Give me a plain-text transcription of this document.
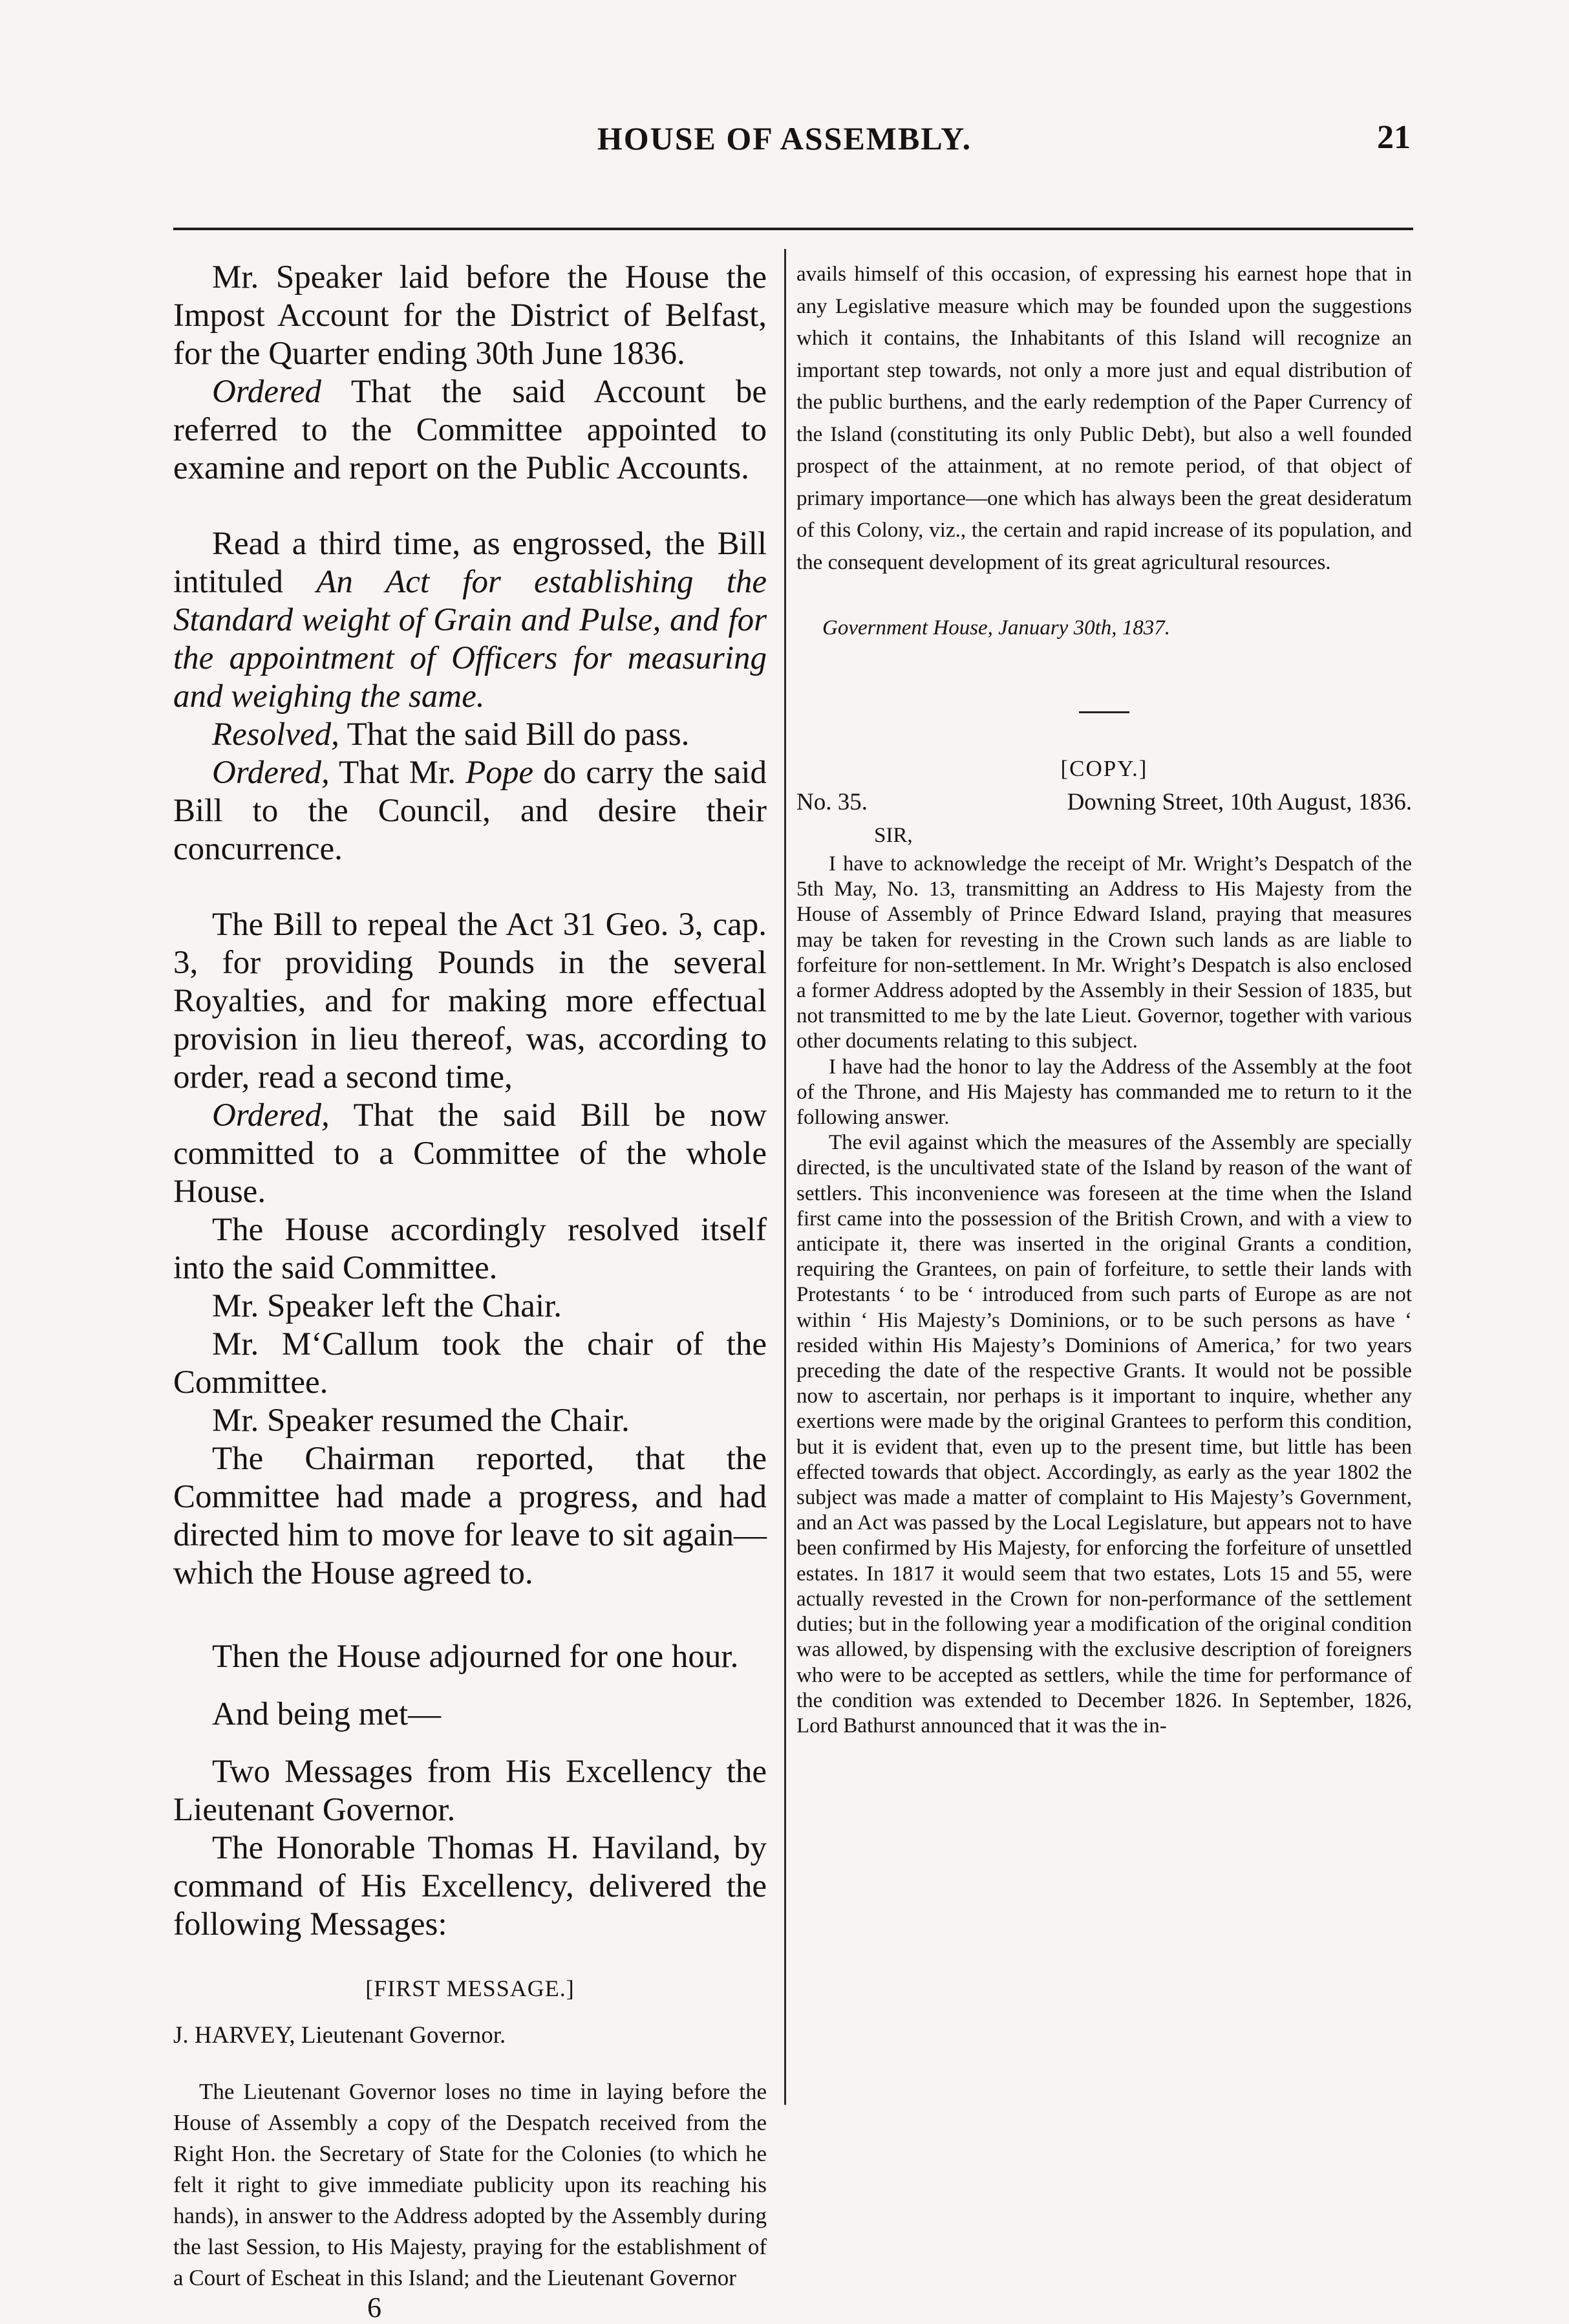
HOUSE OF ASSEMBLY.	21

Mr. Speaker laid before the House the Impost Account for the District of Belfast, for the Quarter ending 30th June 1836.

Ordered That the said Account be referred to the Committee appointed to examine and report on the Public Accounts.

Read a third time, as engrossed, the Bill intituled An Act for establishing the Standard weight of Grain and Pulse, and for the appointment of Officers for measuring and weighing the same.

Resolved, That the said Bill do pass.

Ordered, That Mr. Pope do carry the said Bill to the Council, and desire their concurrence.

The Bill to repeal the Act 31 Geo. 3, cap. 3, for providing Pounds in the several Royalties, and for making more effectual provision in lieu thereof, was, according to order, read a second time,

Ordered, That the said Bill be now committed to a Committee of the whole House.

The House accordingly resolved itself into the said Committee.

Mr. Speaker left the Chair.

Mr. M‘Callum took the chair of the Committee.

Mr. Speaker resumed the Chair.

The Chairman reported, that the Committee had made a progress, and had directed him to move for leave to sit again—which the House agreed to.

Then the House adjourned for one hour.

And being met—

Two Messages from His Excellency the Lieutenant Governor.

The Honorable Thomas H. Haviland, by command of His Excellency, delivered the following Messages:

[FIRST MESSAGE.]
J. HARVEY, Lieutenant Governor.

The Lieutenant Governor loses no time in laying before the House of Assembly a copy of the Despatch received from the Right Hon. the Secretary of State for the Colonies (to which he felt it right to give immediate publicity upon its reaching his hands), in answer to the Address adopted by the Assembly during the last Session, to His Majesty, praying for the establishment of a Court of Escheat in this Island; and the Lieutenant Governor

6

avails himself of this occasion, of expressing his earnest hope that in any Legislative measure which may be founded upon the suggestions which it contains, the Inhabitants of this Island will recognize an important step towards, not only a more just and equal distribution of the public burthens, and the early redemption of the Paper Currency of the Island (constituting its only Public Debt), but also a well founded prospect of the attainment, at no remote period, of that object of primary importance—one which has always been the great desideratum of this Colony, viz., the certain and rapid increase of its population, and the consequent development of its great agricultural resources.

Government House, January 30th, 1837.
[COPY.]
No. 35.	Downing Street, 10th August, 1836.
SIR,

I have to acknowledge the receipt of Mr. Wright’s Despatch of the 5th May, No. 13, transmitting an Address to His Majesty from the House of Assembly of Prince Edward Island, praying that measures may be taken for revesting in the Crown such lands as are liable to forfeiture for non-settlement. In Mr. Wright’s Despatch is also enclosed a former Address adopted by the Assembly in their Session of 1835, but not transmitted to me by the late Lieut. Governor, together with various other documents relating to this subject.

I have had the honor to lay the Address of the Assembly at the foot of the Throne, and His Majesty has commanded me to return to it the following answer.

The evil against which the measures of the Assembly are specially directed, is the uncultivated state of the Island by reason of the want of settlers. This inconvenience was foreseen at the time when the Island first came into the possession of the British Crown, and with a view to anticipate it, there was inserted in the original Grants a condition, requiring the Grantees, on pain of forfeiture, to settle their lands with Protestants ‘ to be ‘ introduced from such parts of Europe as are not within ‘ His Majesty’s Dominions, or to be such persons as have ‘ resided within His Majesty’s Dominions of America,’ for two years preceding the date of the respective Grants. It would not be possible now to ascertain, nor perhaps is it important to inquire, whether any exertions were made by the original Grantees to perform this condition, but it is evident that, even up to the present time, but little has been effected towards that object. Accordingly, as early as the year 1802 the subject was made a matter of complaint to His Majesty’s Government, and an Act was passed by the Local Legislature, but appears not to have been confirmed by His Majesty, for enforcing the forfeiture of unsettled estates. In 1817 it would seem that two estates, Lots 15 and 55, were actually revested in the Crown for non-performance of the settlement duties; but in the following year a modification of the original condition was allowed, by dispensing with the exclusive description of foreigners who were to be accepted as settlers, while the time for performance of the condition was extended to December 1826. In September, 1826, Lord Bathurst announced that it was the in-
